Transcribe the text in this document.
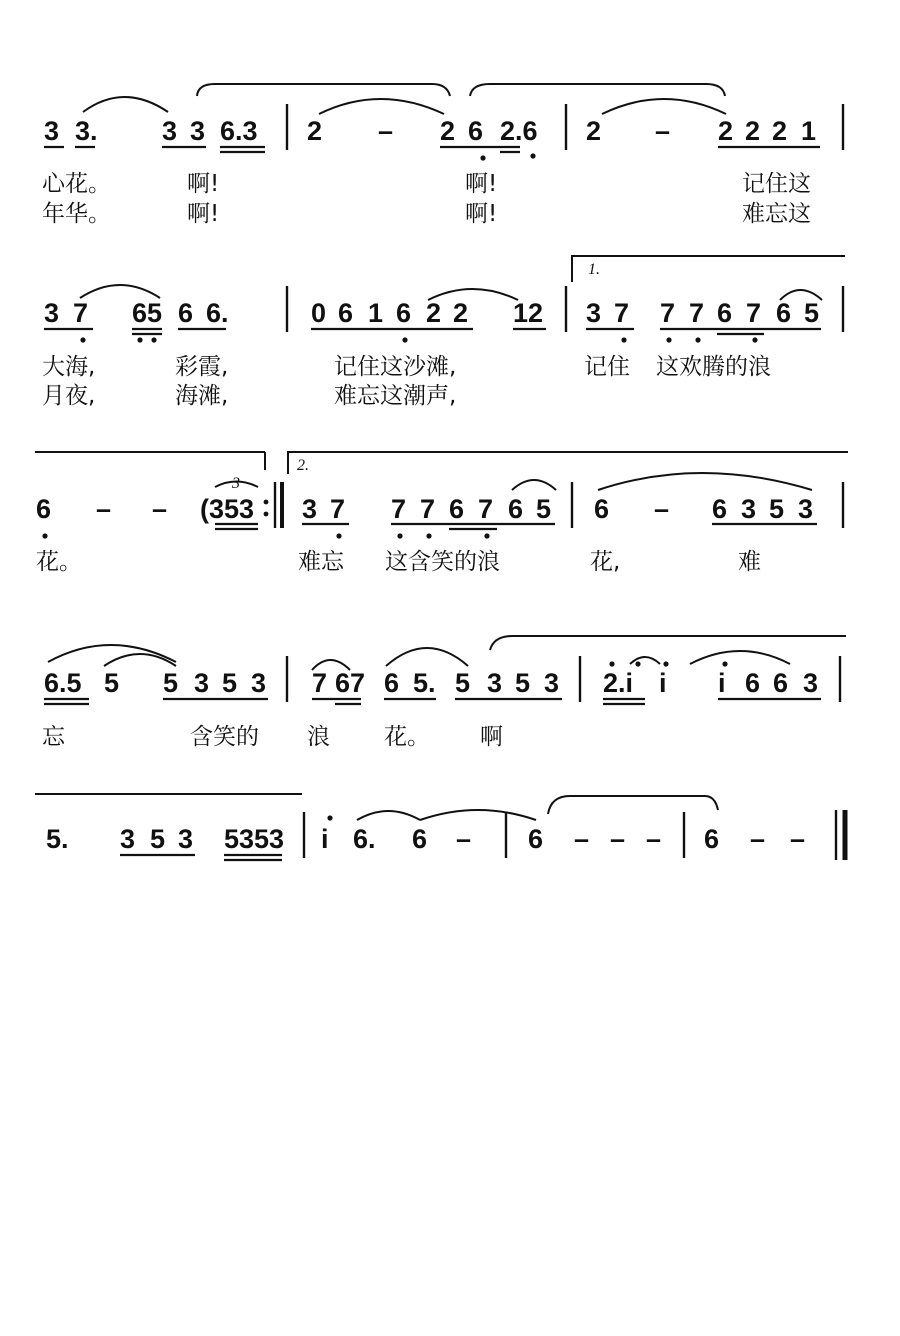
3 3. 3 3 6.3 2 – 2 6 2.6 2 – 2 2 2 1
心花。	啊!	啊!	记住这
年华。	啊!	啊!	难忘这
1.
3 7 65 6 6.	0 6 1 6 2 2 12 3 7 7 7 6 7 6 5
大海,	彩霞,	记住这沙滩,	记住 这欢腾的浪
月夜,	海滩,	难忘这潮声,
2.
3
6 – – (353 3 7 7 7 6 7 6 5 6 – 6 3 5 3
花。	难忘 这含笑的浪	花,	难
6.5 5 5 3 5 3 7 67 6 5. 5 3 5 3 2.i i i 6 6 3
忘	含笑的 浪 花。 啊
5. 3 5 3 5353 i 6. 6 – 6 – – – 6 – –
